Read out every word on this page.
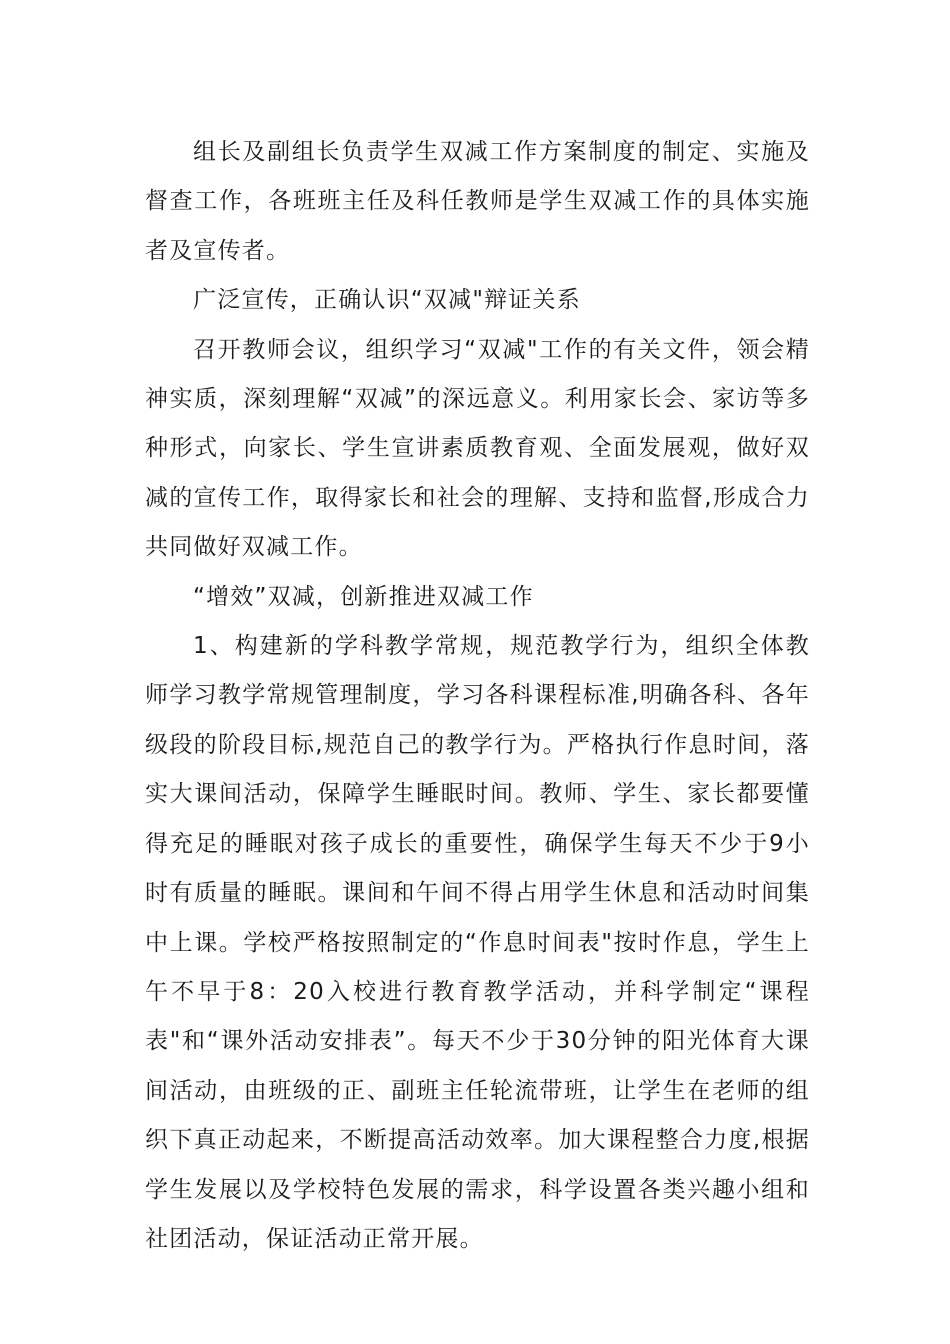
组长及副组长负责学生双减工作方案制度的制定、实施及督查工作，各班班主任及科任教师是学生双减工作的具体实施者及宣传者。

广泛宣传，正确认识“双减"辩证关系

召开教师会议，组织学习“双减"工作的有关文件，领会精神实质，深刻理解“双减”的深远意义。利用家长会、家访等多种形式，向家长、学生宣讲素质教育观、全面发展观，做好双减的宣传工作，取得家长和社会的理解、支持和监督,形成合力共同做好双减工作。

“增效”双减，创新推进双减工作

1、构建新的学科教学常规，规范教学行为，组织全体教师学习教学常规管理制度，学习各科课程标准,明确各科、各年级段的阶段目标,规范自己的教学行为。严格执行作息时间，落实大课间活动，保障学生睡眠时间。教师、学生、家长都要懂得充足的睡眠对孩子成长的重要性，确保学生每天不少于9小时有质量的睡眠。课间和午间不得占用学生休息和活动时间集中上课。学校严格按照制定的“作息时间表"按时作息，学生上午不早于8：20入校进行教育教学活动，并科学制定“课程表"和“课外活动安排表”。每天不少于30分钟的阳光体育大课间活动，由班级的正、副班主任轮流带班，让学生在老师的组织下真正动起来，不断提高活动效率。加大课程整合力度,根据学生发展以及学校特色发展的需求，科学设置各类兴趣小组和社团活动，保证活动正常开展。
